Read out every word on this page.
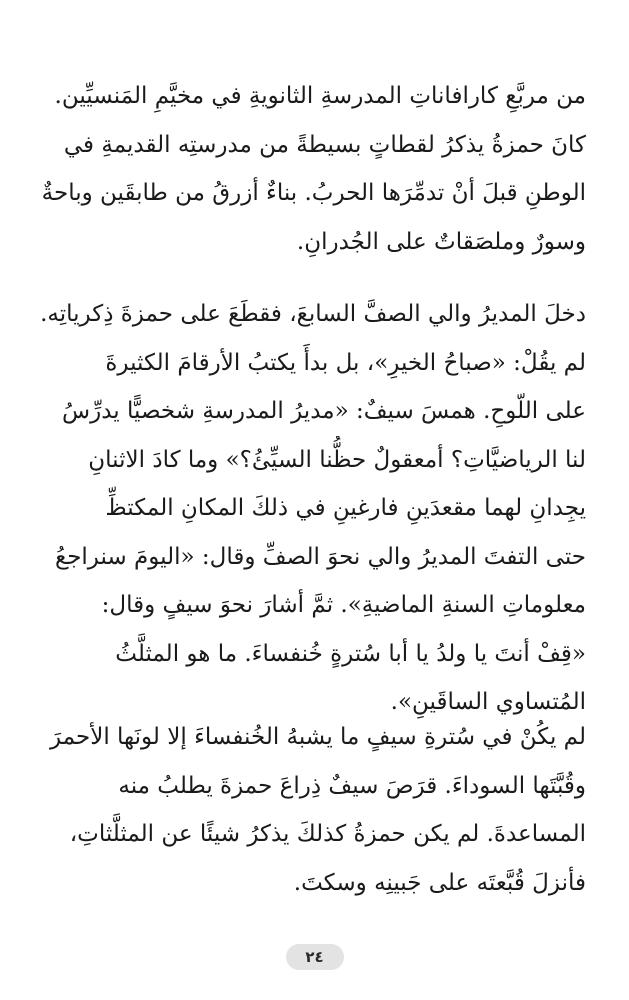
من مربَّعِ كارافاناتِ المدرسةِ الثانويةِ في مخيَّمِ المَنسيِّين.
كانَ حمزةُ يذكرُ لقطاتٍ بسيطةً من مدرستِه القديمةِ في
الوطنِ قبلَ أنْ تدمِّرَها الحربُ. بناءٌ أزرقُ من طابقَين وباحةٌ
وسورٌ وملصَقاتٌ على الجُدرانِ.
دخلَ المديرُ والي الصفَّ السابعَ، فقطَعَ على حمزةَ ذِكرياتِه.
لم يقُلْ: «صباحُ الخيرِ»، بل بدأَ يكتبُ الأرقامَ الكثيرةَ
على اللّوحِ. همسَ سيفٌ: «مديرُ المدرسةِ شخصيًّا يدرِّسُ
لنا الرياضيَّاتِ؟ أمعقولٌ حظُّنا السيِّئُ؟» وما كادَ الاثنانِ
يجِدانِ لهما مقعدَينِ فارغينِ في ذلكَ المكانِ المكتظِّ
حتى التفتَ المديرُ والي نحوَ الصفِّ وقال: «اليومَ سنراجعُ
معلوماتِ السنةِ الماضيةِ». ثمَّ أشارَ نحوَ سيفٍ وقال:
«قِفْ أنتَ يا ولدُ يا أبا سُترةٍ خُنفساءَ. ما هو المثلَّثُ
المُتساوي الساقَينِ».
لم يكُنْ في سُترةِ سيفٍ ما يشبهُ الخُنفساءَ إلا لونَها الأحمرَ
وقُبَّتَها السوداءَ. قرَصَ سيفٌ ذِراعَ حمزةَ يطلبُ منه
المساعدةَ. لم يكن حمزةُ كذلكَ يذكرُ شيئًا عن المثلَّثاتِ،
فأنزلَ قُبَّعتَه على جَبينِه وسكتَ.
٢٤
